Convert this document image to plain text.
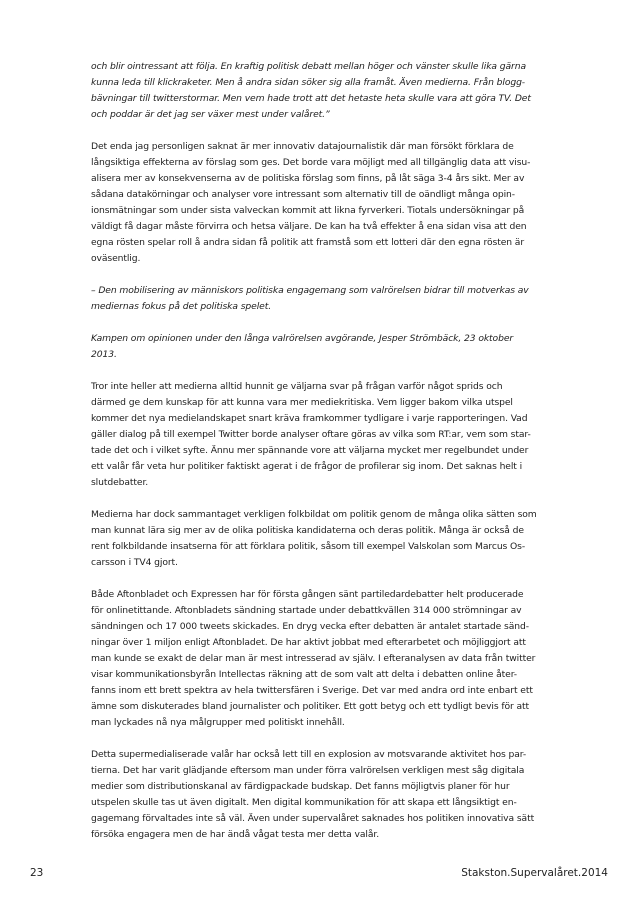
och blir ointressant att följa. En kraftig politisk debatt mellan höger och vänster skulle lika gärna
kunna leda till klickraketer. Men å andra sidan söker sig alla framåt. Även medierna. Från blogg-
bävningar till twitterstormar. Men vem hade trott att det hetaste heta skulle vara att göra TV. Det
och poddar är det jag ser växer mest under valåret.”

Det enda jag personligen saknat är mer innovativ datajournalistik där man försökt förklara de
långsiktiga effekterna av förslag som ges. Det borde vara möjligt med all tillgänglig data att visu-
alisera mer av konsekvenserna av de politiska förslag som finns, på låt säga 3-4 års sikt. Mer av
sådana datakörningar och analyser vore intressant som alternativ till de oändligt många opin-
ionsmätningar som under sista valveckan kommit att likna fyrverkeri. Tiotals undersökningar på
väldigt få dagar måste förvirra och hetsa väljare. De kan ha två effekter å ena sidan visa att den
egna rösten spelar roll å andra sidan få politik att framstå som ett lotteri där den egna rösten är
oväsentlig.

– Den mobilisering av människors politiska engagemang som valrörelsen bidrar till motverkas av
mediernas fokus på det politiska spelet.

Kampen om opinionen under den långa valrörelsen avgörande, Jesper Strömbäck, 23 oktober
2013.

Tror inte heller att medierna alltid hunnit ge väljarna svar på frågan varför något sprids och
därmed ge dem kunskap för att kunna vara mer mediekritiska. Vem ligger bakom vilka utspel
kommer det nya medielandskapet snart kräva framkommer tydligare i varje rapporteringen. Vad
gäller dialog på till exempel Twitter borde analyser oftare göras av vilka som RT:ar, vem som star-
tade det och i vilket syfte. Ännu mer spännande vore att väljarna mycket mer regelbundet under
ett valår får veta hur politiker faktiskt agerat i de frågor de profilerar sig inom. Det saknas helt i
slutdebatter.

Medierna har dock sammantaget verkligen folkbildat om politik genom de många olika sätten som
man kunnat lära sig mer av de olika politiska kandidaterna och deras politik. Många är också de
rent folkbildande insatserna för att förklara politik, såsom till exempel Valskolan som Marcus Os-
carsson i TV4 gjort.

Både Aftonbladet och Expressen har för första gången sänt partiledardebatter helt producerade
för onlinetittande. Aftonbladets sändning startade under debattkvällen 314 000 strömningar av
sändningen och 17 000 tweets skickades. En dryg vecka efter debatten är antalet startade sänd-
ningar över 1 miljon enligt Aftonbladet. De har aktivt jobbat med efterarbetet och möjliggjort att
man kunde se exakt de delar man är mest intresserad av själv. I efteranalysen av data från twitter
visar kommunikationsbyrån Intellectas räkning att de som valt att delta i debatten online åter-
fanns inom ett brett spektra av hela twittersfären i Sverige. Det var med andra ord inte enbart ett
ämne som diskuterades bland journalister och politiker. Ett gott betyg och ett tydligt bevis för att
man lyckades nå nya målgrupper med politiskt innehåll.

Detta supermedialiserade valår har också lett till en explosion av motsvarande aktivitet hos par-
tierna. Det har varit glädjande eftersom man under förra valrörelsen verkligen mest såg digitala
medier som distributionskanal av färdigpackade budskap. Det fanns möjligtvis planer för hur
utspelen skulle tas ut även digitalt. Men digital kommunikation för att skapa ett långsiktigt en-
gagemang förvaltades inte så väl. Även under supervalåret saknades hos politiken innovativa sätt
försöka engagera men de har ändå vågat testa mer detta valår.

23	Stakston.Supervalåret.2014
